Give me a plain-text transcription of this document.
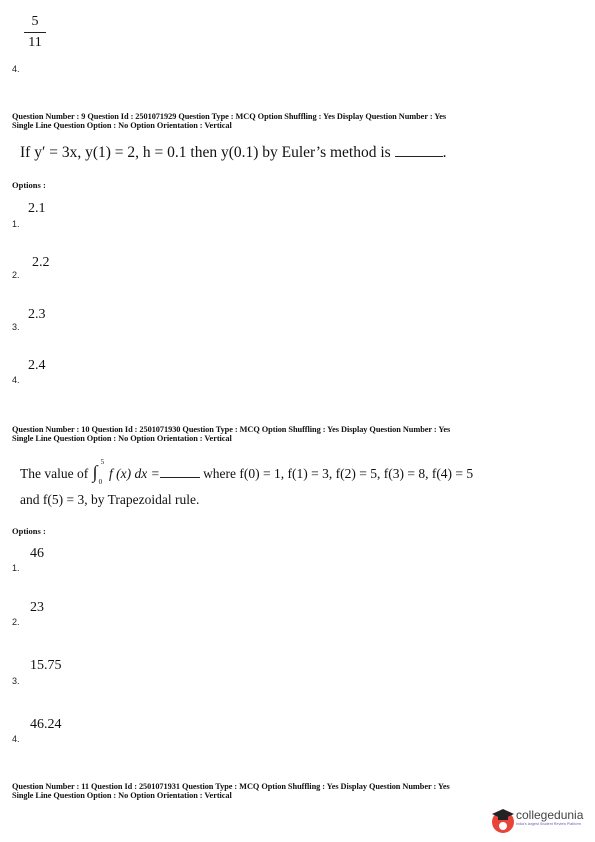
5
11
4.
Question Number : 9 Question Id : 2501071929 Question Type : MCQ Option Shuffling : Yes Display Question Number : Yes
Single Line Question Option : No Option Orientation : Vertical
If y′ = 3x, y(1) = 2, h = 0.1 then y(0.1) by Euler’s method is	.
Options :
2.1
1.
2.2
2.
2.3
3.
2.4
4.
Question Number : 10 Question Id : 2501071930 Question Type : MCQ Option Shuffling : Yes Display Question Number : Yes
Single Line Question Option : No Option Orientation : Vertical
The value of ∫ 5
0
f (x) dx =	where f(0) = 1, f(1) = 3, f(2) = 5, f(3) = 8, f(4) = 5
and f(5) = 3, by Trapezoidal rule.
Options :
46
1.
23
2.
15.75
3.
46.24
4.
Question Number : 11 Question Id : 2501071931 Question Type : MCQ Option Shuffling : Yes Display Question Number : Yes
Single Line Question Option : No Option Orientation : Vertical
collegedunia
India's largest Student Review Platform
